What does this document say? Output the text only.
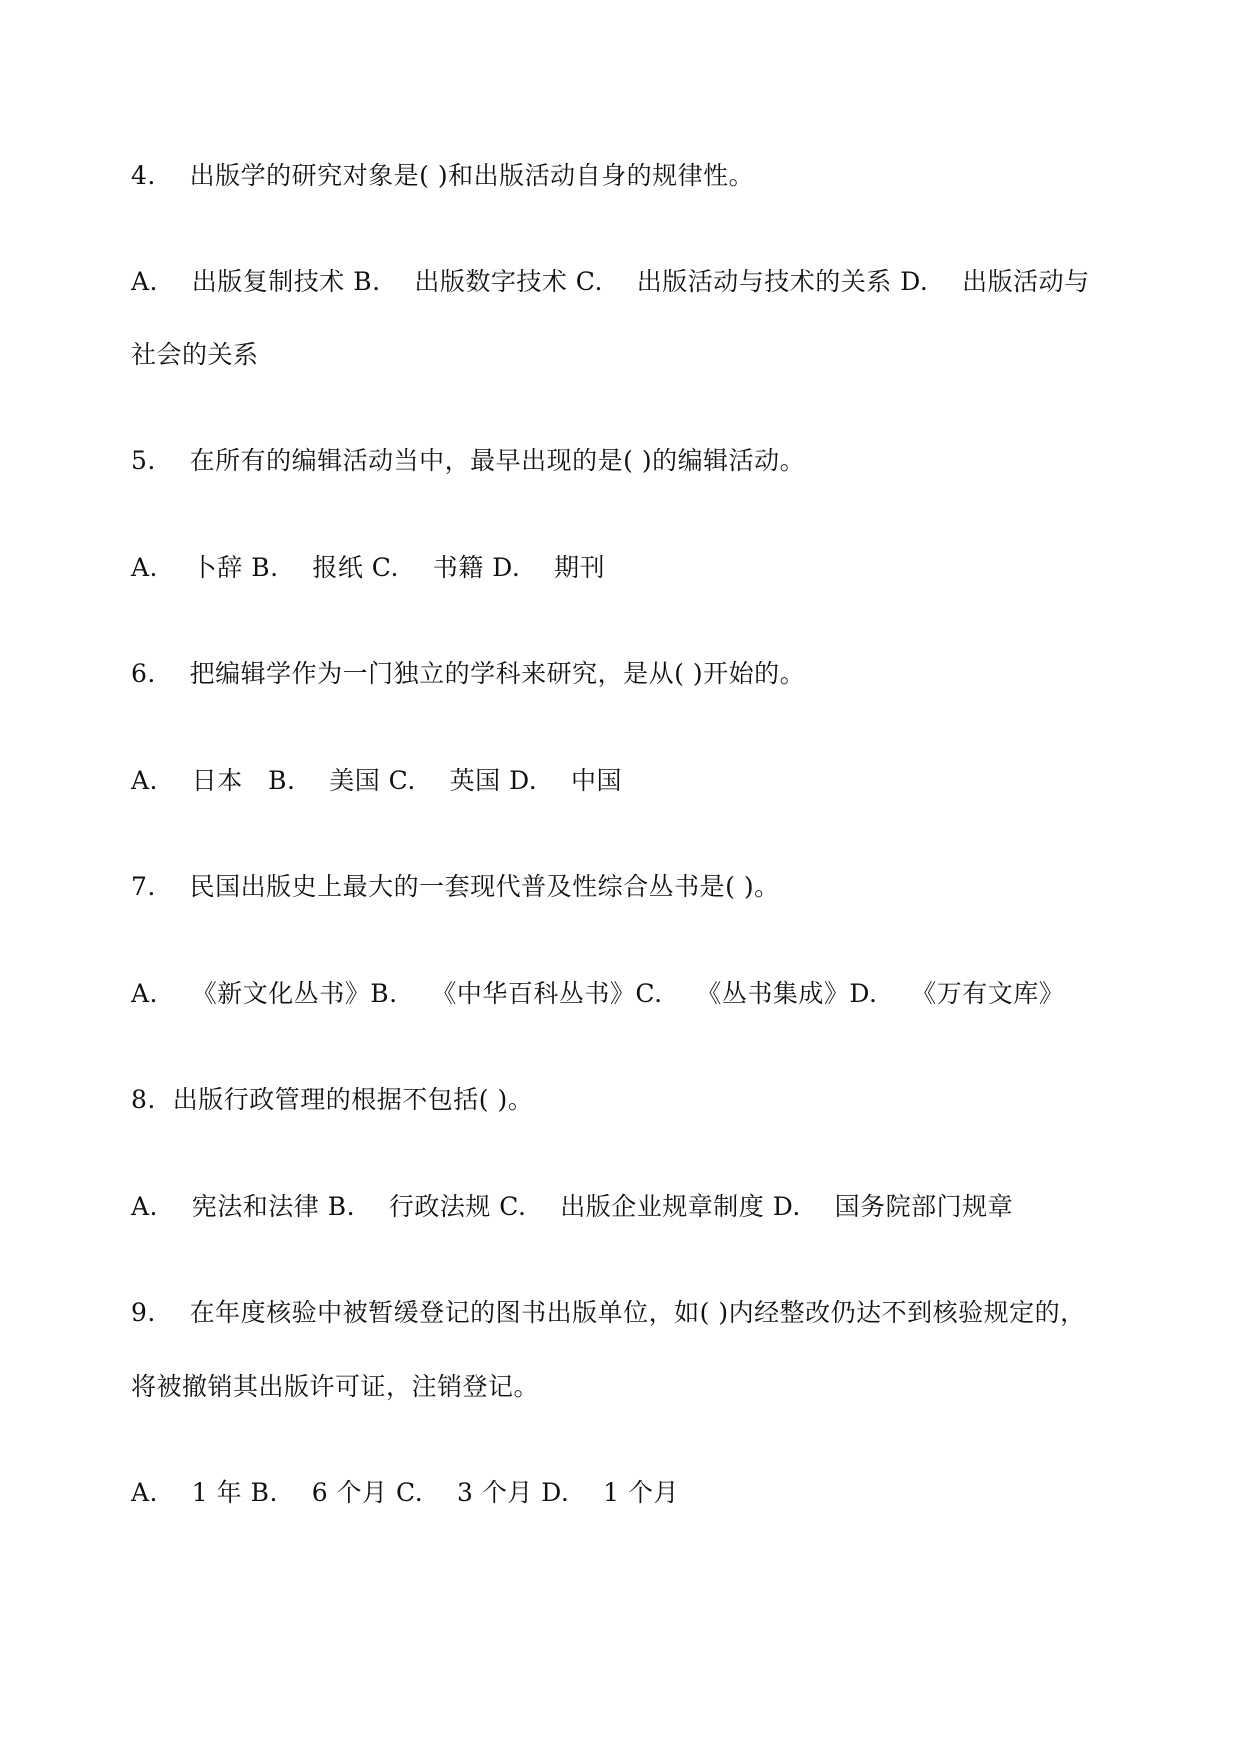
4.    出版学的研究对象是( )和出版活动自身的规律性。
A.    出版复制技术 B.    出版数字技术 C.    出版活动与技术的关系 D.    出版活动与
社会的关系
5.    在所有的编辑活动当中，最早出现的是( )的编辑活动。
A.    卜辞 B.    报纸 C.    书籍 D.    期刊
6.    把编辑学作为一门独立的学科来研究，是从( )开始的。
A.    日本   B.    美国 C.    英国 D.    中国
7.    民国出版史上最大的一套现代普及性综合丛书是( )。
A.    《新文化丛书》B.    《中华百科丛书》C.    《丛书集成》D.    《万有文库》
8.  出版行政管理的根据不包括( )。
A.    宪法和法律 B.    行政法规 C.    出版企业规章制度 D.    国务院部门规章
9.    在年度核验中被暂缓登记的图书出版单位，如( )内经整改仍达不到核验规定的，
将被撤销其出版许可证，注销登记。
A.    1 年 B.    6 个月 C.    3 个月 D.    1 个月
